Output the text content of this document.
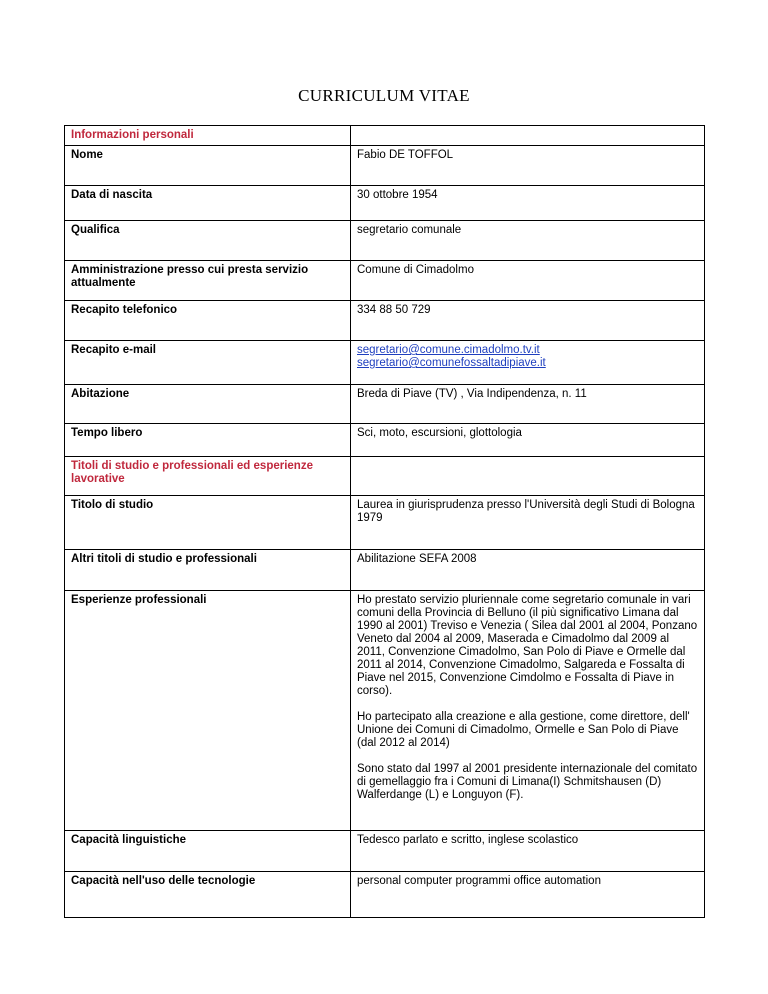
CURRICULUM VITAE
Informazioni personali	
Nome	Fabio DE TOFFOL
Data di nascita	30 ottobre 1954
Qualifica	segretario comunale
Amministrazione presso cui presta servizio attualmente	Comune di Cimadolmo
Recapito telefonico	334 88 50 729
Recapito e-mail	segretario@comune.cimadolmo.tv.it
segretario@comunefossaltadipiave.it

Abitazione	Breda di Piave (TV) , Via Indipendenza, n. 11
Tempo libero	Sci, moto, escursioni, glottologia
Titoli di studio e professionali ed esperienze lavorative	
Titolo di studio	Laurea in giurisprudenza presso l'Università degli Studi di Bologna 1979
Altri titoli di studio e professionali	Abilitazione SEFA 2008
Esperienze professionali	Ho prestato servizio pluriennale come segretario comunale in vari comuni della Provincia di Belluno (il più significativo Limana dal 1990 al 2001) Treviso e Venezia ( Silea dal 2001 al 2004, Ponzano Veneto dal 2004 al 2009, Maserada e Cimadolmo dal 2009 al 2011, Convenzione Cimadolmo, San Polo di Piave e Ormelle dal 2011 al 2014, Convenzione Cimadolmo, Salgareda e Fossalta di Piave nel 2015, Convenzione Cimdolmo e Fossalta di Piave in corso).

Ho partecipato alla creazione e alla gestione, come direttore, dell' Unione dei Comuni di Cimadolmo, Ormelle e San Polo di Piave (dal 2012 al 2014)

Sono stato dal 1997 al 2001 presidente internazionale del comitato di gemellaggio fra i Comuni di Limana(I) Schmitshausen (D) Walferdange (L) e Longuyon (F).

Capacità linguistiche	Tedesco parlato e scritto, inglese scolastico
Capacità nell'uso delle tecnologie	personal computer programmi office automation
